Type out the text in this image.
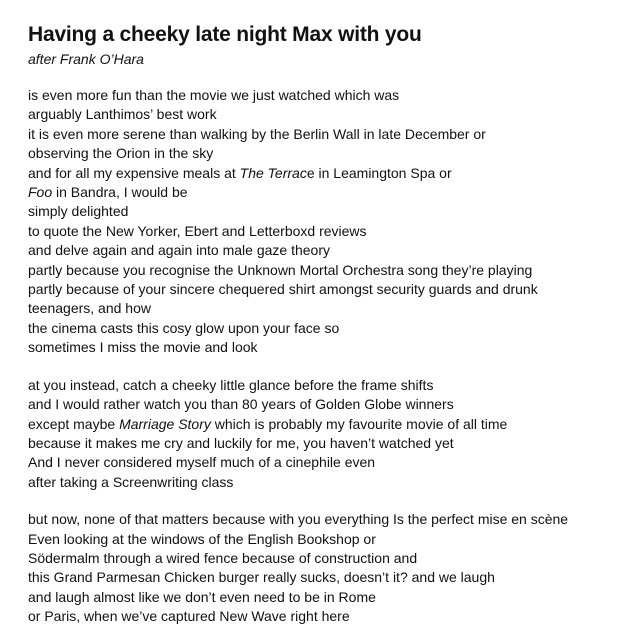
Having a cheeky late night Max with you

after Frank O’Hara

is even more fun than the movie we just watched which was
arguably Lanthimos’ best work
it is even more serene than walking by the Berlin Wall in late December or
observing the Orion in the sky
and for all my expensive meals at The Terrace in Leamington Spa or
Foo in Bandra, I would be
simply delighted
to quote the New Yorker, Ebert and Letterboxd reviews
and delve again and again into male gaze theory
partly because you recognise the Unknown Mortal Orchestra song they’re playing
partly because of your sincere chequered shirt amongst security guards and drunk
teenagers, and how
the cinema casts this cosy glow upon your face so
sometimes I miss the movie and look
at you instead, catch a cheeky little glance before the frame shifts
and I would rather watch you than 80 years of Golden Globe winners
except maybe Marriage Story which is probably my favourite movie of all time
because it makes me cry and luckily for me, you haven’t watched yet
And I never considered myself much of a cinephile even
after taking a Screenwriting class
but now, none of that matters because with you everything Is the perfect mise en scène
Even looking at the windows of the English Bookshop or
Södermalm through a wired fence because of construction and
this Grand Parmesan Chicken burger really sucks, doesn’t it? and we laugh
and laugh almost like we don’t even need to be in Rome
or Paris, when we’ve captured New Wave right here
